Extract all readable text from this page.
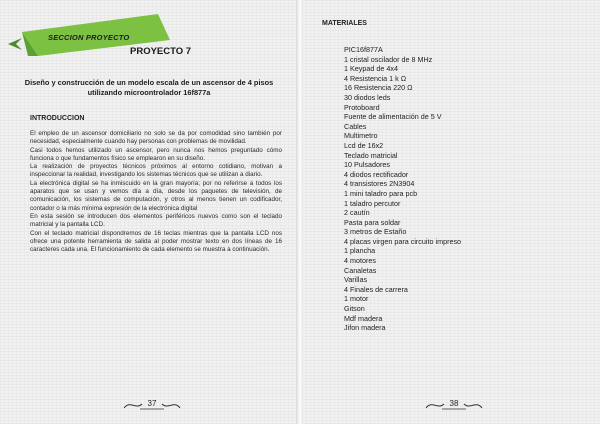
SECCION PROYECTO
PROYECTO 7
Diseño y construcción de un modelo escala de un ascensor de 4 pisos utilizando microontrolador 16f877a
INTRODUCCION

El empleo de un ascensor domiciliario no solo se da por comodidad sino también por necesidad, especialmente cuando hay personas con problemas de movilidad.

Casi todos hemos utilizado un ascensor, pero nunca nos hemos preguntado cómo funciona o que fundamentos físico se emplearon en su diseño.

La realización de proyectos técnicos próximos al entorno cotidiano, motivan a inspeccionar la realidad, investigando los sistemas técnicos que se utilizan a diario.

La electrónica digital se ha inmiscuido en la gran mayoría; por no referirse a todos los aparatos que se usan y vemos día a día, desde los paquetes de televisión, de comunicación, los sistemas de computación, y otros al menos tienen un codificador, contador o la más mínima expresión de la electrónica digital

En esta sesión se introducen dos elementos periféricos nuevos como son el teclado matricial y la pantalla LCD.

Con el teclado matricial dispondremos de 16 teclas mientras que la pantalla LCD nos ofrece una potente herramienta de salida al poder mostrar texto en dos líneas de 16 caracteres cada una. El funcionamiento de cada elemento se muestra a continuación.

37
MATERIALES
PIC16f877A
1 cristal oscilador de 8 MHz
1 Keypad de 4x4
4 Resistencia 1 k Ω
16 Resistencia 220 Ω
30 diodos leds
Protoboard
Fuente de alimentación de 5 V
Cables
Multimetro
Lcd de 16x2
Teclado matricial
10 Pulsadores
4 diodos rectificador
4 transistores 2N3904
1 mini taladro para pcb
1 taladro percutor
2 cautín
Pasta para soldar
3 metros de Estaño
4 placas virgen para circuito impreso
1 plancha
4 motores
Canaletas
Varillas
4 Finales de carrera
1 motor
Gitson
Mdf madera
Jifon madera
38
